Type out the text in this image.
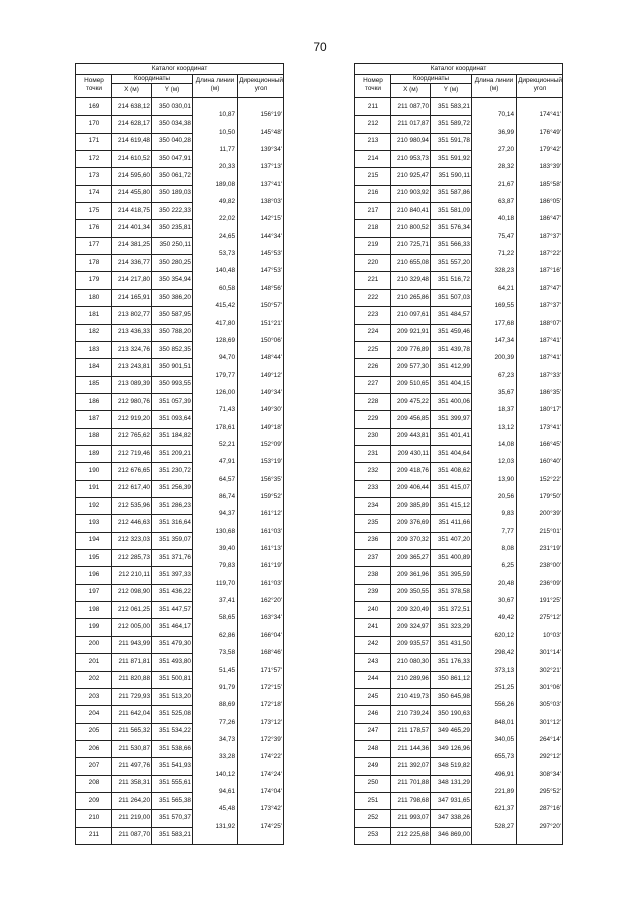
70
Каталог координат
Номер точки
Координаты
X (м)	Y (м)
Длина линии (м)
Дирекционный угол
169	214 638,12	350 030,01
10,87	156°19'
170	214 628,17	350 034,38
10,50	145°48'
171	214 619,48	350 040,28
11,77	139°34'
172	214 610,52	350 047,91
20,33	137°13'
173	214 595,60	350 061,72
189,08	137°41'
174	214 455,80	350 189,03
49,82	138°03'
175	214 418,75	350 222,33
22,02	142°15'
176	214 401,34	350 235,81
24,65	144°34'
177	214 381,25	350 250,11
53,73	145°53'
178	214 336,77	350 280,25
140,48	147°53'
179	214 217,80	350 354,94
60,58	148°56'
180	214 165,91	350 386,20
415,42	150°57'
181	213 802,77	350 587,95
417,80	151°21'
182	213 436,33	350 788,20
128,69	150°06'
183	213 324,76	350 852,35
94,70	148°44'
184	213 243,81	350 901,51
179,77	149°12'
185	213 089,39	350 993,55
126,00	149°34'
186	212 980,76	351 057,39
71,43	149°30'
187	212 919,20	351 093,64
178,61	149°18'
188	212 765,62	351 184,82
52,21	152°09'
189	212 719,46	351 209,21
47,91	153°19'
190	212 676,65	351 230,72
64,57	156°35'
191	212 617,40	351 256,39
86,74	159°52'
192	212 535,96	351 286,23
94,37	161°12'
193	212 446,63	351 316,64
130,68	161°03'
194	212 323,03	351 359,07
39,40	161°13'
195	212 285,73	351 371,76
79,83	161°19'
196	212 210,11	351 397,33
119,70	161°03'
197	212 098,90	351 436,22
37,41	162°20'
198	212 061,25	351 447,57
58,65	163°34'
199	212 005,00	351 464,17
62,86	166°04'
200	211 943,99	351 479,30
73,58	168°46'
201	211 871,81	351 493,80
51,45	171°57'
202	211 820,88	351 500,81
91,79	172°15'
203	211 729,93	351 513,20
88,69	172°18'
204	211 642,04	351 525,08
77,26	173°12'
205	211 565,32	351 534,22
34,73	172°39'
206	211 530,87	351 538,66
33,28	174°22'
207	211 497,76	351 541,93
140,12	174°24'
208	211 358,31	351 555,61
94,61	174°04'
209	211 264,20	351 565,38
45,48	173°42'
210	211 219,00	351 570,37
131,92	174°25'
211	211 087,70	351 583,21
Каталог координат
Номер точки
Координаты
X (м)	Y (м)
Длина линии (м)
Дирекционный угол
211	211 087,70	351 583,21
70,14	174°41'
212	211 017,87	351 589,72
36,99	176°49'
213	210 980,94	351 591,78
27,20	179°42'
214	210 953,73	351 591,92
28,32	183°39'
215	210 925,47	351 590,11
21,67	185°58'
216	210 903,92	351 587,86
63,87	186°05'
217	210 840,41	351 581,09
40,18	186°47'
218	210 800,52	351 576,34
75,47	187°37'
219	210 725,71	351 566,33
71,22	187°22'
220	210 655,08	351 557,20
328,23	187°16'
221	210 329,48	351 516,72
64,21	187°47'
222	210 265,86	351 507,03
169,55	187°37'
223	210 097,61	351 484,57
177,68	188°07'
224	209 921,91	351 459,46
147,34	187°41'
225	209 776,89	351 439,78
200,39	187°41'
226	209 577,30	351 412,99
67,23	187°33'
227	209 510,65	351 404,15
35,67	186°35'
228	209 475,22	351 400,06
18,37	180°17'
229	209 456,85	351 399,97
13,12	173°41'
230	209 443,81	351 401,41
14,08	166°45'
231	209 430,11	351 404,64
12,03	160°40'
232	209 418,76	351 408,62
13,90	152°22'
233	209 406,44	351 415,07
20,56	179°50'
234	209 385,89	351 415,12
9,83	200°39'
235	209 376,69	351 411,66
7,77	215°01'
236	209 370,32	351 407,20
8,08	231°19'
237	209 365,27	351 400,89
6,25	238°00'
238	209 361,96	351 395,59
20,48	236°09'
239	209 350,55	351 378,58
30,67	191°25'
240	209 320,49	351 372,51
49,42	275°12'
241	209 324,97	351 323,29
620,12	10°03'
242	209 935,57	351 431,50
298,42	301°14'
243	210 080,30	351 176,33
373,13	302°21'
244	210 289,96	350 861,12
251,25	301°06'
245	210 419,73	350 645,98
556,26	305°03'
246	210 739,24	350 190,63
848,01	301°12'
247	211 178,57	349 465,29
340,05	264°14'
248	211 144,36	349 126,96
655,73	292°12'
249	211 392,07	348 519,82
496,91	308°34'
250	211 701,88	348 131,29
221,89	295°52'
251	211 798,68	347 931,65
621,37	287°16'
252	211 993,07	347 338,26
528,27	297°20'
253	212 225,68	346 869,00
